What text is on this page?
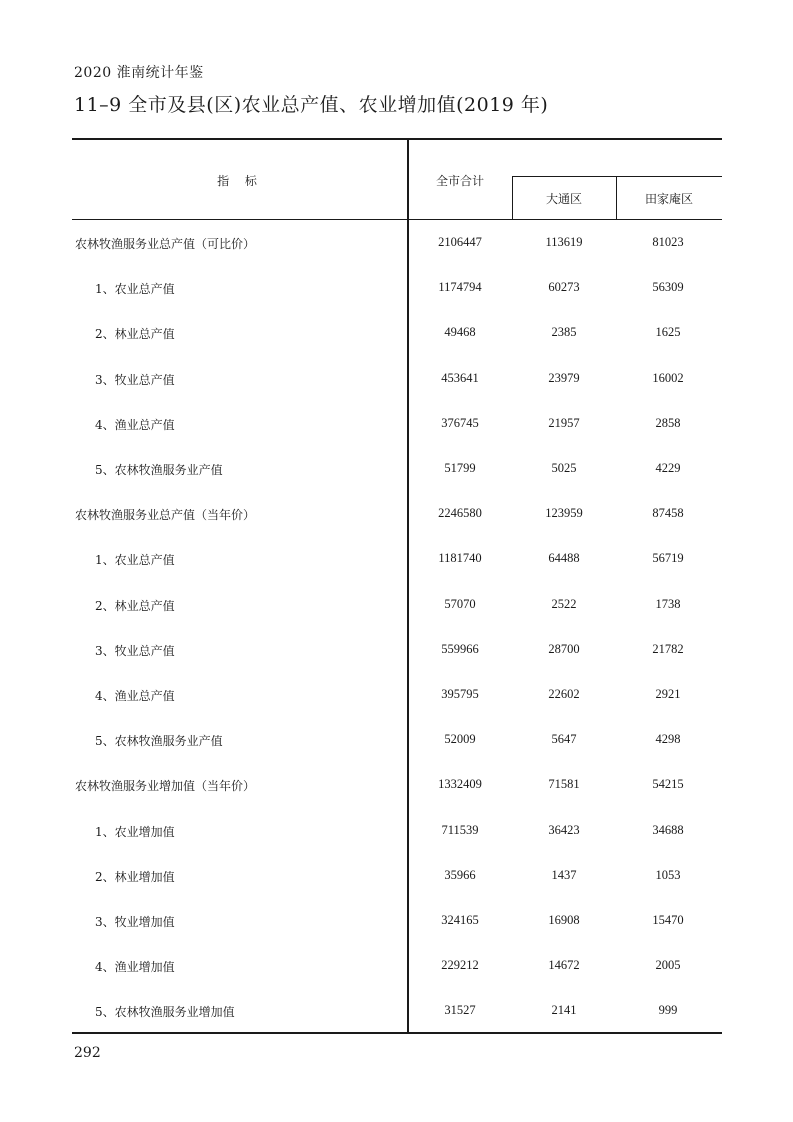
2020 淮南统计年鉴
11–9 全市及县(区)农业总产值、农业增加值(2019 年)
指 标	全市合计
大通区	田家庵区
农林牧渔服务业总产值（可比价）	2106447	113619	81023
1、农业总产值	1174794	60273	56309
2、林业总产值	49468	2385	1625
3、牧业总产值	453641	23979	16002
4、渔业总产值	376745	21957	2858
5、农林牧渔服务业产值	51799	5025	4229
农林牧渔服务业总产值（当年价）	2246580	123959	87458
1、农业总产值	1181740	64488	56719
2、林业总产值	57070	2522	1738
3、牧业总产值	559966	28700	21782
4、渔业总产值	395795	22602	2921
5、农林牧渔服务业产值	52009	5647	4298
农林牧渔服务业增加值（当年价）	1332409	71581	54215
1、农业增加值	711539	36423	34688
2、林业增加值	35966	1437	1053
3、牧业增加值	324165	16908	15470
4、渔业增加值	229212	14672	2005
5、农林牧渔服务业增加值	31527	2141	999
292
